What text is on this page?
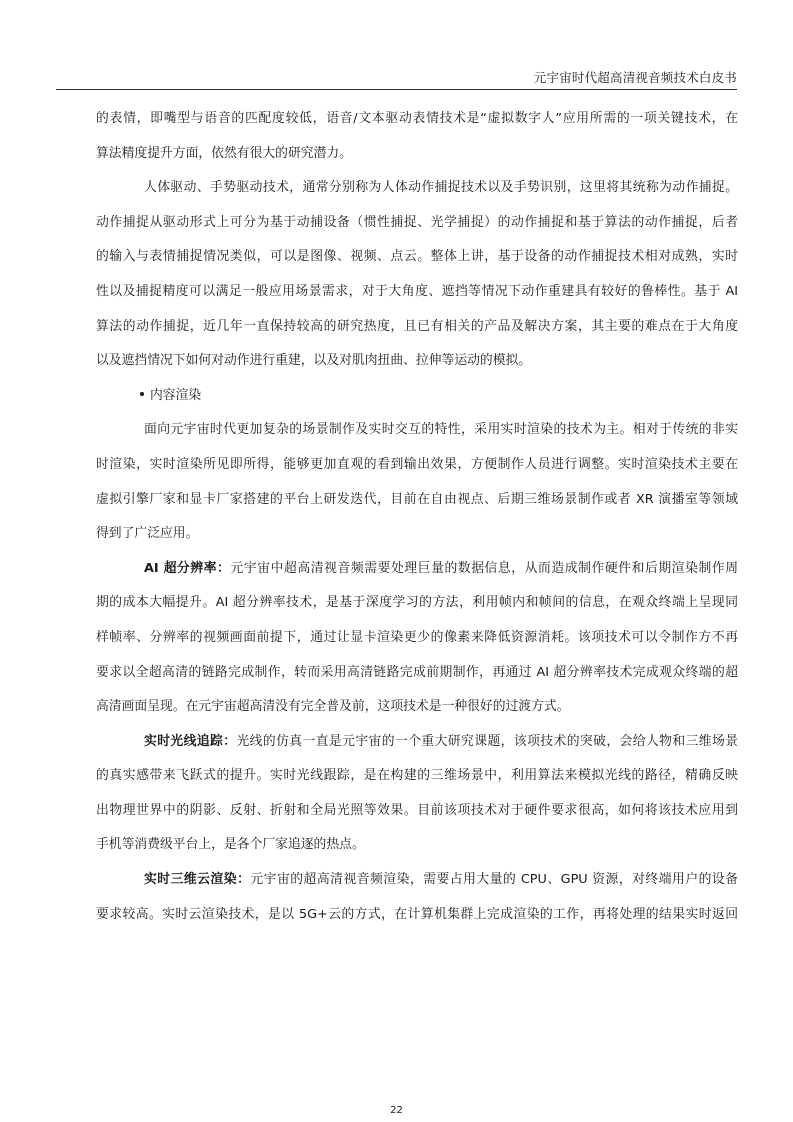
元宇宙时代超高清视音频技术白皮书
的表情，即嘴型与语音的匹配度较低，语音/文本驱动表情技术是“虚拟数字人”应用所需的一项关键技术，在
算法精度提升方面，依然有很大的研究潜力。
人体驱动、手势驱动技术，通常分别称为人体动作捕捉技术以及手势识别，这里将其统称为动作捕捉。
动作捕捉从驱动形式上可分为基于动捕设备（惯性捕捉、光学捕捉）的动作捕捉和基于算法的动作捕捉，后者
的输入与表情捕捉情况类似，可以是图像、视频、点云。整体上讲，基于设备的动作捕捉技术相对成熟，实时
性以及捕捉精度可以满足一般应用场景需求，对于大角度、遮挡等情况下动作重建具有较好的鲁棒性。基于 AI
算法的动作捕捉，近几年一直保持较高的研究热度，且已有相关的产品及解决方案，其主要的难点在于大角度
以及遮挡情况下如何对动作进行重建，以及对肌肉扭曲、拉伸等运动的模拟。
内容渲染
面向元宇宙时代更加复杂的场景制作及实时交互的特性，采用实时渲染的技术为主。相对于传统的非实
时渲染，实时渲染所见即所得，能够更加直观的看到输出效果，方便制作人员进行调整。实时渲染技术主要在
虚拟引擎厂家和显卡厂家搭建的平台上研发迭代，目前在自由视点、后期三维场景制作或者 XR 演播室等领域
得到了广泛应用。
AI 超分辨率：元宇宙中超高清视音频需要处理巨量的数据信息，从而造成制作硬件和后期渲染制作周
期的成本大幅提升。AI 超分辨率技术，是基于深度学习的方法，利用帧内和帧间的信息，在观众终端上呈现同
样帧率、分辨率的视频画面前提下，通过让显卡渲染更少的像素来降低资源消耗。该项技术可以令制作方不再
要求以全超高清的链路完成制作，转而采用高清链路完成前期制作，再通过 AI 超分辨率技术完成观众终端的超
高清画面呈现。在元宇宙超高清没有完全普及前，这项技术是一种很好的过渡方式。
实时光线追踪：光线的仿真一直是元宇宙的一个重大研究课题，该项技术的突破，会给人物和三维场景
的真实感带来飞跃式的提升。实时光线跟踪，是在构建的三维场景中，利用算法来模拟光线的路径，精确反映
出物理世界中的阴影、反射、折射和全局光照等效果。目前该项技术对于硬件要求很高，如何将该技术应用到
手机等消费级平台上，是各个厂家追逐的热点。
实时三维云渲染：元宇宙的超高清视音频渲染，需要占用大量的 CPU、GPU 资源，对终端用户的设备
要求较高。实时云渲染技术，是以 5G+云的方式，在计算机集群上完成渲染的工作，再将处理的结果实时返回
22
